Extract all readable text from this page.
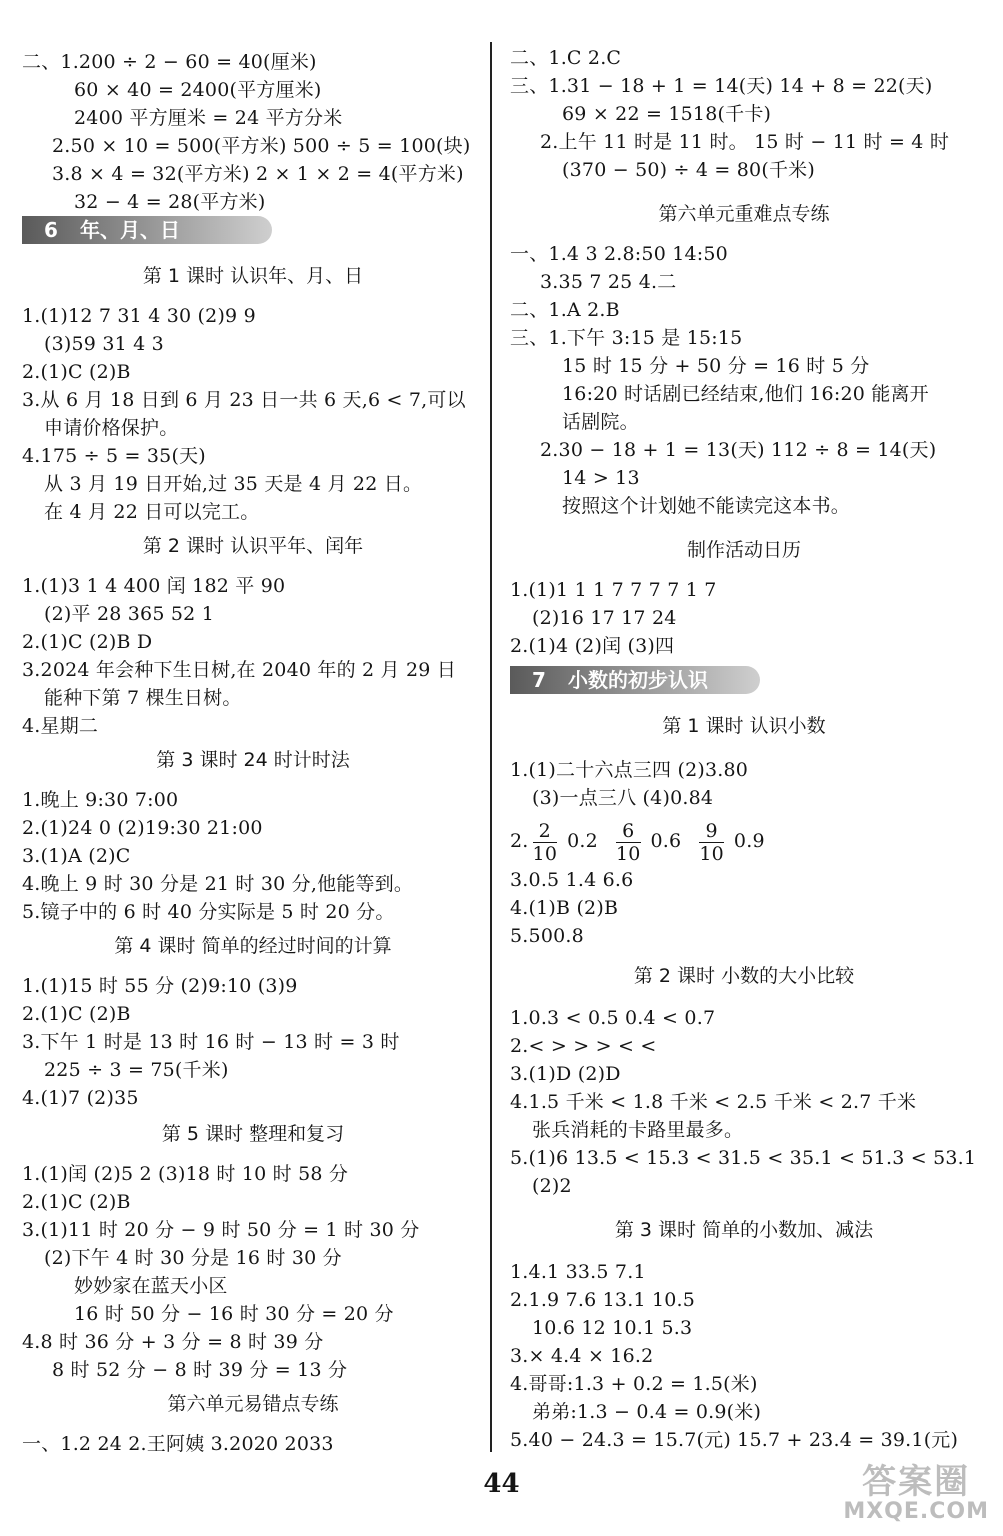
二、1.200 ÷ 2 − 60 = 40(厘米)
60 × 40 = 2400(平方厘米)
2400 平方厘米 = 24 平方分米
2.50 × 10 = 500(平方米) 500 ÷ 5 = 100(块)
3.8 × 4 = 32(平方米) 2 × 1 × 2 = 4(平方米)
32 − 4 = 28(平方米)
6 年、月、日
第 1 课时 认识年、月、日
1.(1)12 7 31 4 30 (2)9 9
(3)59 31 4 3
2.(1)C (2)B
3.从 6 月 18 日到 6 月 23 日一共 6 天,6 < 7,可以
申请价格保护。
4.175 ÷ 5 = 35(天)
从 3 月 19 日开始,过 35 天是 4 月 22 日。
在 4 月 22 日可以完工。
第 2 课时 认识平年、闰年
1.(1)3 1 4 400 闰 182 平 90
(2)平 28 365 52 1
2.(1)C (2)B D
3.2024 年会种下生日树,在 2040 年的 2 月 29 日
能种下第 7 棵生日树。
4.星期二
第 3 课时 24 时计时法
1.晚上 9:30 7:00
2.(1)24 0 (2)19:30 21:00
3.(1)A (2)C
4.晚上 9 时 30 分是 21 时 30 分,他能等到。
5.镜子中的 6 时 40 分实际是 5 时 20 分。
第 4 课时 简单的经过时间的计算
1.(1)15 时 55 分 (2)9:10 (3)9
2.(1)C (2)B
3.下午 1 时是 13 时 16 时 − 13 时 = 3 时
225 ÷ 3 = 75(千米)
4.(1)7 (2)35
第 5 课时 整理和复习
1.(1)闰 (2)5 2 (3)18 时 10 时 58 分
2.(1)C (2)B
3.(1)11 时 20 分 − 9 时 50 分 = 1 时 30 分
(2)下午 4 时 30 分是 16 时 30 分
妙妙家在蓝天小区
16 时 50 分 − 16 时 30 分 = 20 分
4.8 时 36 分 + 3 分 = 8 时 39 分
8 时 52 分 − 8 时 39 分 = 13 分
第六单元易错点专练
一、1.2 24 2.王阿姨 3.2020 2033
二、1.C 2.C
三、1.31 − 18 + 1 = 14(天) 14 + 8 = 22(天)
69 × 22 = 1518(千卡)
2.上午 11 时是 11 时。 15 时 − 11 时 = 4 时
(370 − 50) ÷ 4 = 80(千米)
第六单元重难点专练
一、1.4 3 2.8:50 14:50
3.35 7 25 4.二
二、1.A 2.B
三、1.下午 3:15 是 15:15
15 时 15 分 + 50 分 = 16 时 5 分
16:20 时话剧已经结束,他们 16:20 能离开
话剧院。
2.30 − 18 + 1 = 13(天) 112 ÷ 8 = 14(天)
14 > 13
按照这个计划她不能读完这本书。
制作活动日历
1.(1)1 1 1 7 7 7 7 1 7
(2)16 17 17 24
2.(1)4 (2)闰 (3)四
7 小数的初步认识
第 1 课时 认识小数
1.(1)二十六点三四 (2)3.80
(3)一点三八 (4)0.84
2. $\frac{2}{10} 0.2 \frac{6}{10} 0.6 \frac{9}{10} 0.9$
3.0.5 1.4 6.6
4.(1)B (2)B
5.500.8
第 2 课时 小数的大小比较
1.0.3 < 0.5 0.4 < 0.7
2.< > > > < <
3.(1)D (2)D
4.1.5 千米 < 1.8 千米 < 2.5 千米 < 2.7 千米
张兵消耗的卡路里最多。
5.(1)6 13.5 < 15.3 < 31.5 < 35.1 < 51.3 < 53.1
(2)2
第 3 课时 简单的小数加、减法
1.4.1 33.5 7.1
2.1.9 7.6 13.1 10.5
10.6 12 10.1 5.3
3.× 4.4 × 16.2
4.哥哥:1.3 + 0.2 = 1.5(米)
弟弟:1.3 − 0.4 = 0.9(米)
5.40 − 24.3 = 15.7(元) 15.7 + 23.4 = 39.1(元)
44	答案圈
MXQE.COM
